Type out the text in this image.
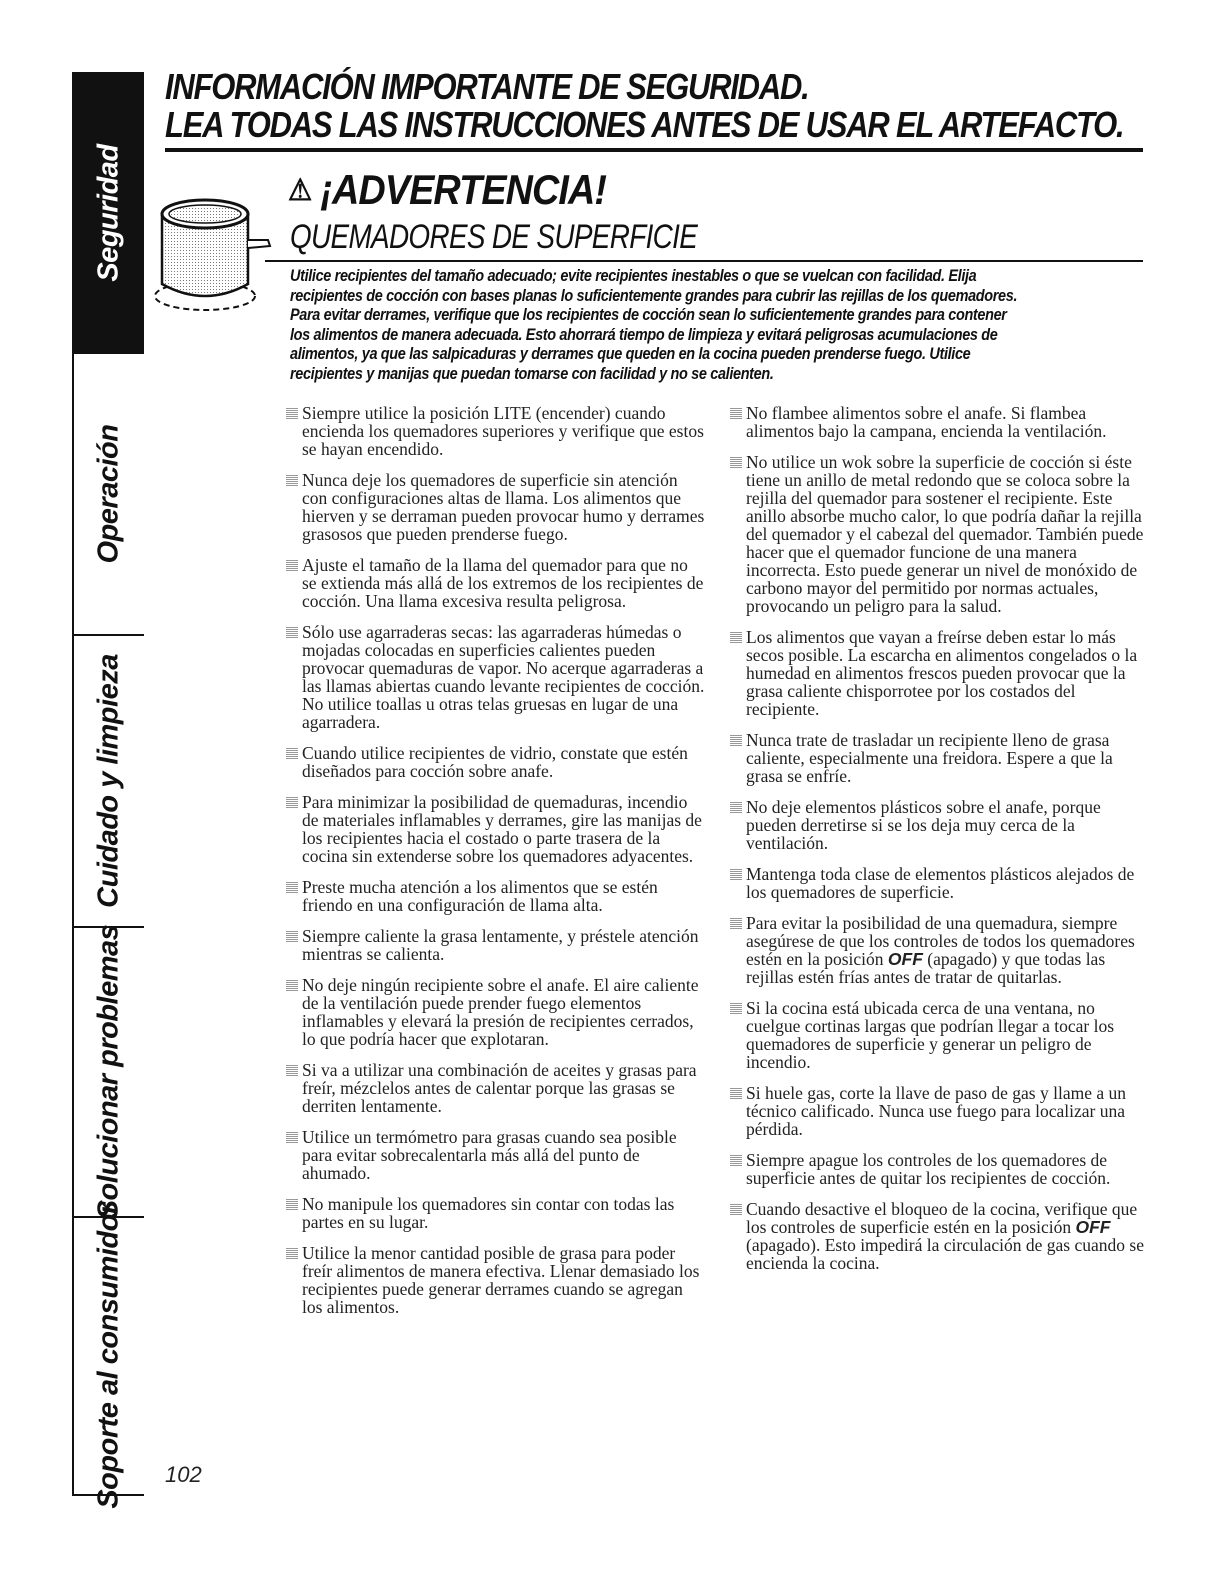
Seguridad
Operación
Cuidado y limpieza
Solucionar problemas
Soporte al consumidor
INFORMACIÓN IMPORTANTE DE SEGURIDAD.
LEA TODAS LAS INSTRUCCIONES ANTES DE USAR EL ARTEFACTO.
⚠ ¡ADVERTENCIA!
QUEMADORES DE SUPERFICIE

Utilice recipientes del tamaño adecuado; evite recipientes inestables o que se vuelcan con facilidad. Elija

recipientes de cocción con bases planas lo suficientemente grandes para cubrir las rejillas de los quemadores.

Para evitar derrames, verifique que los recipientes de cocción sean lo suficientemente grandes para contener

los alimentos de manera adecuada. Esto ahorrará tiempo de limpieza y evitará peligrosas acumulaciones de

alimentos, ya que las salpicaduras y derrames que queden en la cocina pueden prenderse fuego. Utilice

recipientes y manijas que puedan tomarse con facilidad y no se calienten.

Siempre utilice la posición LITE (encender) cuando encienda los quemadores superiores y verifique que estos se hayan encendido.
Nunca deje los quemadores de superficie sin atención con configuraciones altas de llama. Los alimentos que hierven y se derraman pueden provocar humo y derrames grasosos que pueden prenderse fuego.
Ajuste el tamaño de la llama del quemador para que no se extienda más allá de los extremos de los recipientes de cocción. Una llama excesiva resulta peligrosa.
Sólo use agarraderas secas: las agarraderas húmedas o mojadas colocadas en superficies calientes pueden provocar quemaduras de vapor. No acerque agarraderas a las llamas abiertas cuando levante recipientes de cocción. No utilice toallas u otras telas gruesas en lugar de una agarradera.
Cuando utilice recipientes de vidrio, constate que estén diseñados para cocción sobre anafe.
Para minimizar la posibilidad de quemaduras, incendio de materiales inflamables y derrames, gire las manijas de los recipientes hacia el costado o parte trasera de la cocina sin extenderse sobre los quemadores adyacentes.
Preste mucha atención a los alimentos que se estén friendo en una configuración de llama alta.
Siempre caliente la grasa lentamente, y préstele atención mientras se calienta.
No deje ningún recipiente sobre el anafe. El aire caliente de la ventilación puede prender fuego elementos inflamables y elevará la presión de recipientes cerrados, lo que podría hacer que explotaran.
Si va a utilizar una combinación de aceites y grasas para freír, mézclelos antes de calentar porque las grasas se derriten lentamente.
Utilice un termómetro para grasas cuando sea posible para evitar sobrecalentarla más allá del punto de ahumado.
No manipule los quemadores sin contar con todas las partes en su lugar.
Utilice la menor cantidad posible de grasa para poder freír alimentos de manera efectiva. Llenar demasiado los recipientes puede generar derrames cuando se agregan los alimentos.
No flambee alimentos sobre el anafe. Si flambea alimentos bajo la campana, encienda la ventilación.
No utilice un wok sobre la superficie de cocción si éste tiene un anillo de metal redondo que se coloca sobre la rejilla del quemador para sostener el recipiente. Este anillo absorbe mucho calor, lo que podría dañar la rejilla del quemador y el cabezal del quemador. También puede hacer que el quemador funcione de una manera incorrecta. Esto puede generar un nivel de monóxido de carbono mayor del permitido por normas actuales, provocando un peligro para la salud.
Los alimentos que vayan a freírse deben estar lo más secos posible. La escarcha en alimentos congelados o la humedad en alimentos frescos pueden provocar que la grasa caliente chisporrotee por los costados del recipiente.
Nunca trate de trasladar un recipiente lleno de grasa caliente, especialmente una freidora. Espere a que la grasa se enfríe.
No deje elementos plásticos sobre el anafe, porque pueden derretirse si se los deja muy cerca de la ventilación.
Mantenga toda clase de elementos plásticos alejados de los quemadores de superficie.
Para evitar la posibilidad de una quemadura, siempre asegúrese de que los controles de todos los quemadores estén en la posición OFF (apagado) y que todas las rejillas estén frías antes de tratar de quitarlas.
Si la cocina está ubicada cerca de una ventana, no cuelgue cortinas largas que podrían llegar a tocar los quemadores de superficie y generar un peligro de incendio.
Si huele gas, corte la llave de paso de gas y llame a un técnico calificado. Nunca use fuego para localizar una pérdida.
Siempre apague los controles de los quemadores de superficie antes de quitar los recipientes de cocción.
Cuando desactive el bloqueo de la cocina, verifique que los controles de superficie estén en la posición OFF (apagado). Esto impedirá la circulación de gas cuando se encienda la cocina.
102
